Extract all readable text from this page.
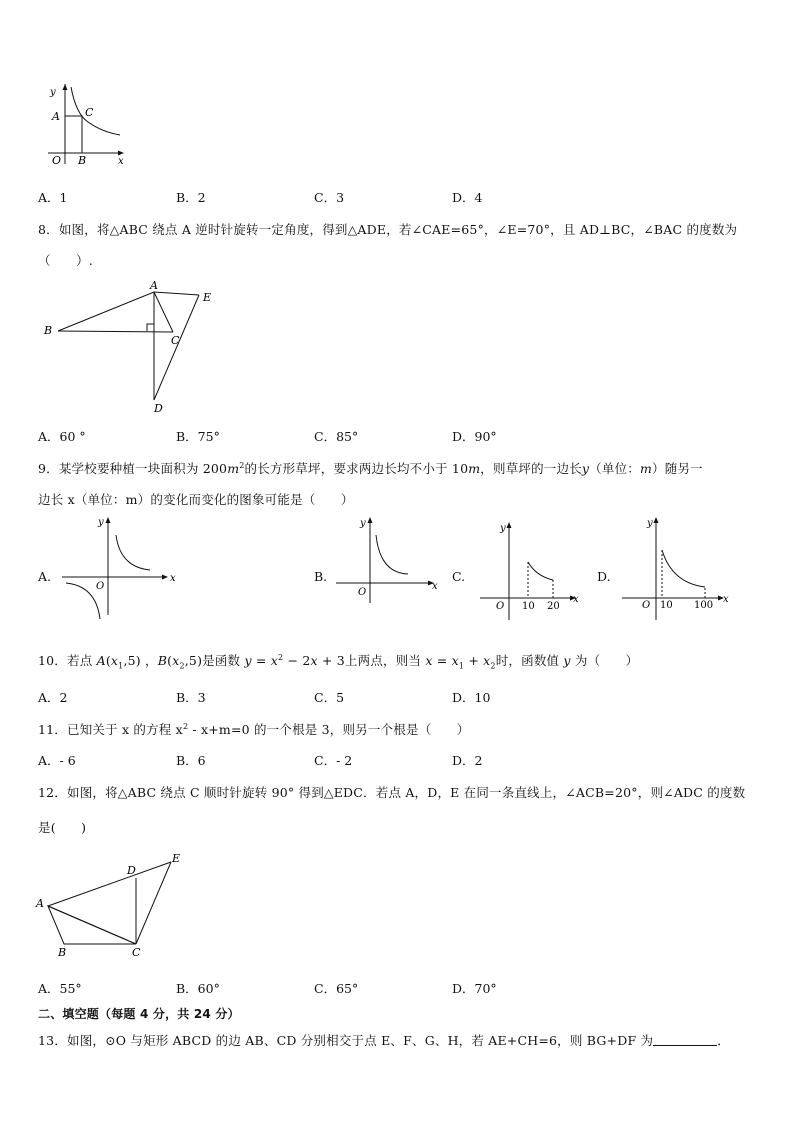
y
A C
O B	x
A．1	B．2	C．3	D．4
8．如图，将△ABC 绕点 A 逆时针旋转一定角度，得到△ADE，若∠CAE=65°，∠E=70°，且 AD⊥BC，∠BAC 的度数为
（　　）.
A
B
C
D
E
A．60 °	B．75°	C．85°	D．90°
9．某学校要种植一块面积为 $200m^2$的长方形草坪，要求两边长均不小于 10m，则草坪的一边长y（单位：m）随另一
边长 x（单位：m）的变化而变化的图象可能是（　　）
A.	B.	C.	D.
y
O
x
y
O
x
y
O 10 20
x
y
O 10 100
x
10．若点 $A(x_1,5)$ ，$B(x_2,5)$是函数 $y = x^2 - 2x + 3$上两点，则当 $x = x_1 + x_2$时，函数值 y 为（　　）
A．2	B．3	C．5	D．10
11．已知关于 x 的方程 $x^2 - x+m=0$ 的一个根是 3，则另一个根是（　　）
A．- 6	B．6	C．- 2	D．2
12．如图，将△ABC 绕点 C 顺时针旋转 90° 得到△EDC．若点 A，D，E 在同一条直线上，∠ACB=20°，则∠ADC 的度数
是(　　)
A
B	C
D
E
A．55°	B．60°	C．65°	D．70°
二、填空题（每题 4 分，共 24 分）
13．如图，⊙O 与矩形 ABCD 的边 AB、CD 分别相交于点 E、F、G、H，若 AE+CH=6，则 BG+DF 为	．
